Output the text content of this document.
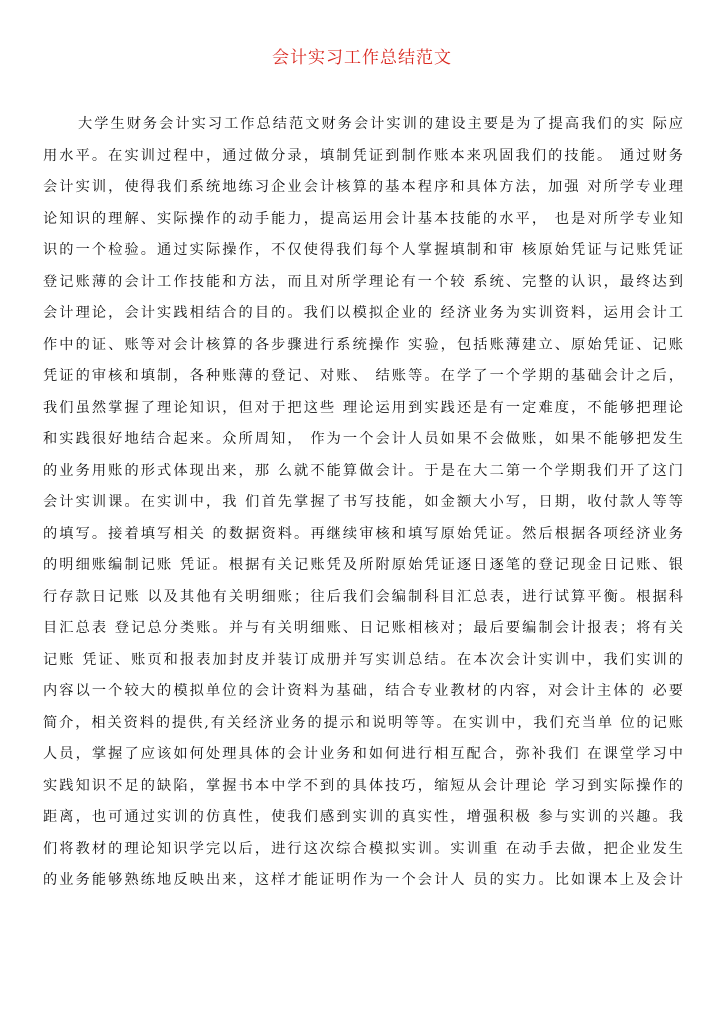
会计实习工作总结范文
大学生财务会计实习工作总结范文财务会计实训的建设主要是为了提高我们的实 际应
用水平。在实训过程中，通过做分录，填制凭证到制作账本来巩固我们的技能。 通过财务
会计实训，使得我们系统地练习企业会计核算的基本程序和具体方法，加强 对所学专业理
论知识的理解、实际操作的动手能力，提高运用会计基本技能的水平， 也是对所学专业知
识的一个检验。通过实际操作，不仅使得我们每个人掌握填制和审 核原始凭证与记账凭证
登记账薄的会计工作技能和方法，而且对所学理论有一个较 系统、完整的认识，最终达到
会计理论，会计实践相结合的目的。我们以模拟企业的 经济业务为实训资料，运用会计工
作中的证、账等对会计核算的各步骤进行系统操作 实验，包括账薄建立、原始凭证、记账
凭证的审核和填制，各种账薄的登记、对账、 结账等。在学了一个学期的基础会计之后，
我们虽然掌握了理论知识，但对于把这些 理论运用到实践还是有一定难度，不能够把理论
和实践很好地结合起来。众所周知， 作为一个会计人员如果不会做账，如果不能够把发生
的业务用账的形式体现出来，那 么就不能算做会计。于是在大二第一个学期我们开了这门
会计实训课。在实训中，我 们首先掌握了书写技能，如金额大小写，日期，收付款人等等
的填写。接着填写相关 的数据资料。再继续审核和填写原始凭证。然后根据各项经济业务
的明细账编制记账 凭证。根据有关记账凭及所附原始凭证逐日逐笔的登记现金日记账、银
行存款日记账 以及其他有关明细账；往后我们会编制科目汇总表，进行试算平衡。根据科
目汇总表 登记总分类账。并与有关明细账、日记账相核对；最后要编制会计报表；将有关
记账 凭证、账页和报表加封皮并装订成册并写实训总结。在本次会计实训中，我们实训的
内容以一个较大的模拟单位的会计资料为基础，结合专业教材的内容，对会计主体的 必要
简介，相关资料的提供,有关经济业务的提示和说明等等。在实训中，我们充当单 位的记账
人员，掌握了应该如何处理具体的会计业务和如何进行相互配合，弥补我们 在课堂学习中
实践知识不足的缺陷，掌握书本中学不到的具体技巧，缩短从会计理论 学习到实际操作的
距离，也可通过实训的仿真性，使我们感到实训的真实性，增强积极 参与实训的兴趣。我
们将教材的理论知识学完以后，进行这次综合模拟实训。实训重 在动手去做，把企业发生
的业务能够熟练地反映出来，这样才能证明作为一个会计人 员的实力。比如课本上及会计
